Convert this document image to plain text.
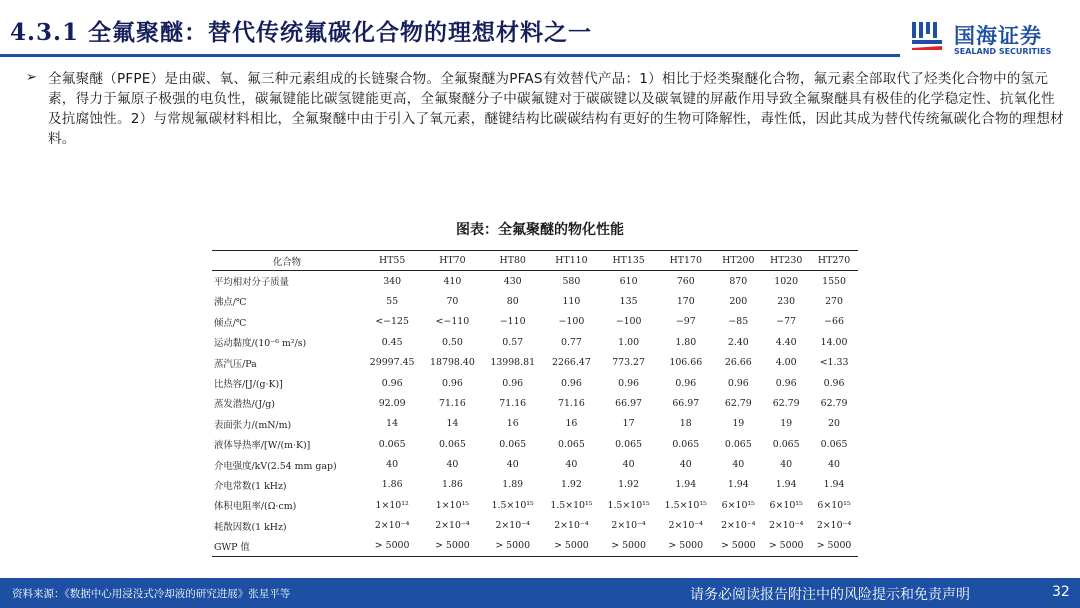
4.3.1 全氟聚醚：替代传统氟碳化合物的理想材料之一	国海证券
SEALAND SECURITIES
➢ 全氟聚醚（PFPE）是由碳、氧、氟三种元素组成的长链聚合物。全氟聚醚为PFAS有效替代产品：1）相比于烃类聚醚化合物，氟元素全部取代了烃类化合物中的氢元素，得力于氟原子极强的电负性，碳氟键能比碳氢键能更高，全氟聚醚分子中碳氟键对于碳碳键以及碳氧键的屏蔽作用导致全氟聚醚具有极佳的化学稳定性、抗氧化性及抗腐蚀性。2）与常规氟碳材料相比，全氟聚醚中由于引入了氧元素，醚键结构比碳碳结构有更好的生物可降解性，毒性低，因此其成为替代传统氟碳化合物的理想材料。

图表：全氟聚醚的物化性能
化合物	HT55	HT70	HT80	HT110	HT135	HT170	HT200	HT230	HT270
平均相对分子质量	340	410	430	580	610	760	870	1020	1550
沸点/℃	55	70	80	110	135	170	200	230	270
倾点/℃	<−125	<−110	−110	−100	−100	−97	−85	−77	−66
运动黏度/(10⁻⁶ m²/s)	0.45	0.50	0.57	0.77	1.00	1.80	2.40	4.40	14.00
蒸汽压/Pa	29997.45	18798.40	13998.81	2266.47	773.27	106.66	26.66	4.00	<1.33
比热容/[J/(g·K)]	0.96	0.96	0.96	0.96	0.96	0.96	0.96	0.96	0.96
蒸发潜热/(J/g)	92.09	71.16	71.16	71.16	66.97	66.97	62.79	62.79	62.79
表面张力/(mN/m)	14	14	16	16	17	18	19	19	20
液体导热率/[W/(m·K)]	0.065	0.065	0.065	0.065	0.065	0.065	0.065	0.065	0.065
介电强度/kV(2.54 mm gap)	40	40	40	40	40	40	40	40	40
介电常数(1 kHz)	1.86	1.86	1.89	1.92	1.92	1.94	1.94	1.94	1.94
体积电阻率/(Ω·cm)	1×10¹²	1×10¹⁵	1.5×10¹⁵	1.5×10¹⁵	1.5×10¹⁵	1.5×10¹⁵	6×10¹⁵	6×10¹⁵	6×10¹⁵
耗散因数(1 kHz)	2×10⁻⁴	2×10⁻⁴	2×10⁻⁴	2×10⁻⁴	2×10⁻⁴	2×10⁻⁴	2×10⁻⁴	2×10⁻⁴	2×10⁻⁴
GWP 值	> 5000	> 5000	> 5000	> 5000	> 5000	> 5000	> 5000	> 5000	> 5000
资料来源：《数据中心用浸没式冷却液的研究进展》张星平等	请务必阅读报告附注中的风险提示和免责声明	32
